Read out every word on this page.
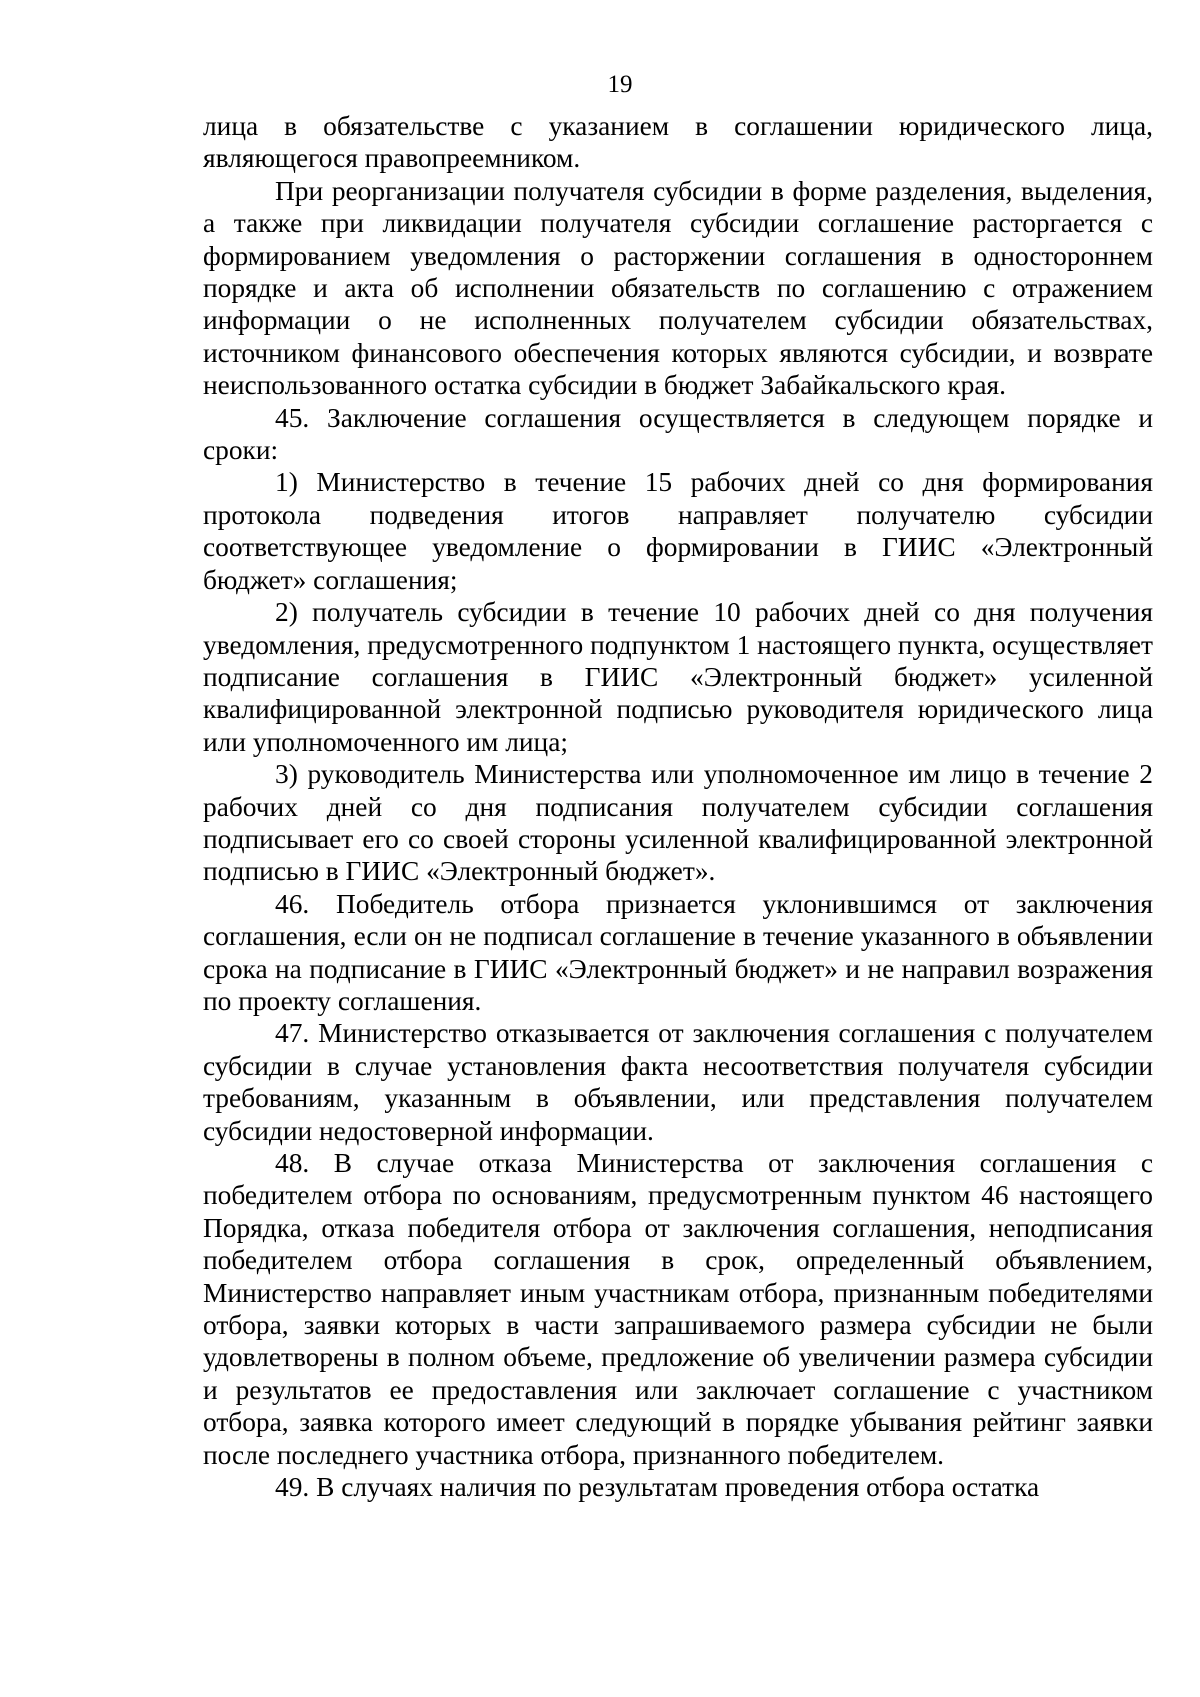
19

лица в обязательстве с указанием в соглашении юридического лица, являющегося правопреемником.

При реорганизации получателя субсидии в форме разделения, выделения, а также при ликвидации получателя субсидии соглашение расторгается с формированием уведомления о расторжении соглашения в одностороннем порядке и акта об исполнении обязательств по соглашению с отражением информации о не исполненных получателем субсидии обязательствах, источником финансового обеспечения которых являются субсидии, и возврате неиспользованного остатка субсидии в бюджет Забайкальского края.

45. Заключение соглашения осуществляется в следующем порядке и сроки:

1) Министерство в течение 15 рабочих дней со дня формирования протокола подведения итогов направляет получателю субсидии соответствующее уведомление о формировании в ГИИС «Электронный бюджет» соглашения;

2) получатель субсидии в течение 10 рабочих дней со дня получения уведомления, предусмотренного подпунктом 1 настоящего пункта, осуществляет подписание соглашения в ГИИС «Электронный бюджет» усиленной квалифицированной электронной подписью руководителя юридического лица или уполномоченного им лица;

3) руководитель Министерства или уполномоченное им лицо в течение 2 рабочих дней со дня подписания получателем субсидии соглашения подписывает его со своей стороны усиленной квалифицированной электронной подписью в ГИИС «Электронный бюджет».

46. Победитель отбора признается уклонившимся от заключения соглашения, если он не подписал соглашение в течение указанного в объявлении срока на подписание в ГИИС «Электронный бюджет» и не направил возражения по проекту соглашения.

47. Министерство отказывается от заключения соглашения с получателем субсидии в случае установления факта несоответствия получателя субсидии требованиям, указанным в объявлении, или представления получателем субсидии недостоверной информации.

48. В случае отказа Министерства от заключения соглашения с победителем отбора по основаниям, предусмотренным пунктом 46 настоящего Порядка, отказа победителя отбора от заключения соглашения, неподписания победителем отбора соглашения в срок, определенный объявлением, Министерство направляет иным участникам отбора, признанным победителями отбора, заявки которых в части запрашиваемого размера субсидии не были удовлетворены в полном объеме, предложение об увеличении размера субсидии и результатов ее предоставления или заключает соглашение с участником отбора, заявка которого имеет следующий в порядке убывания рейтинг заявки после последнего участника отбора, признанного победителем.

49. В случаях наличия по результатам проведения отбора остатка
